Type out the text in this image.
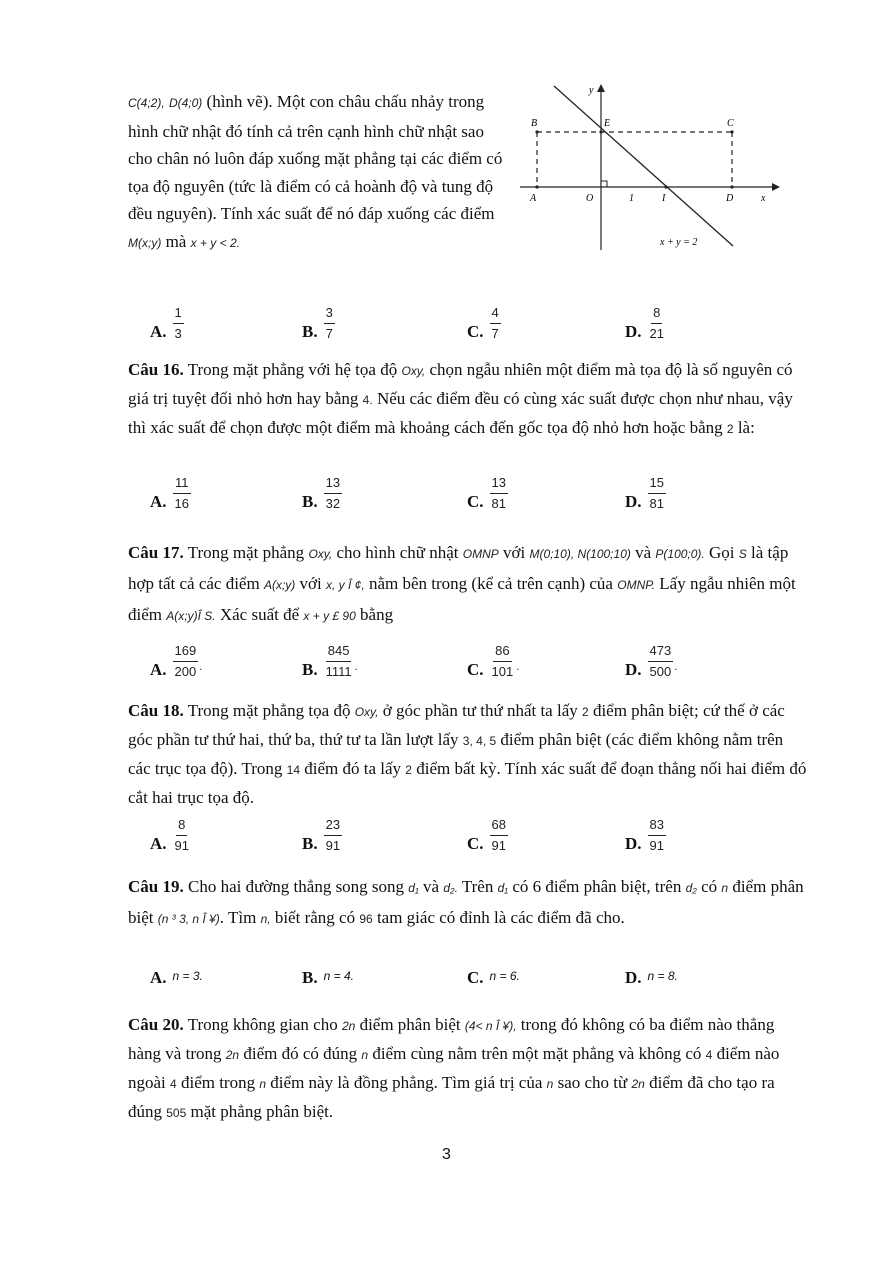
C(4;2), D(4;0) (hình vẽ). Một con châu chấu nhảy trong hình chữ nhật đó tính cả trên cạnh hình chữ nhật sao cho chân nó luôn đáp xuống mặt phẳng tại các điểm có tọa độ nguyên (tức là điểm có cả hoành độ và tung độ đều nguyên). Tính xác suất để nó đáp xuống các điểm
M(x;y) mà x + y < 2.

y
x
B	E	C
A	O	1	I	D
x + y = 2
A. $\frac{1}{3}$	B. $\frac{3}{7}$	C. $\frac{4}{7}$	D. $\frac{8}{21}$

Câu 16. Trong mặt phẳng với hệ tọa độ Oxy, chọn ngẫu nhiên một điểm mà tọa độ là số nguyên có giá trị tuyệt đối nhỏ hơn hay bằng 4. Nếu các điểm đều có cùng xác suất được chọn như nhau, vậy thì xác suất để chọn được một điểm mà khoảng cách đến gốc tọa độ nhỏ hơn hoặc bằng 2 là:

A. $\frac{11}{16}$	B. $\frac{13}{32}$	C. $\frac{13}{81}$	D. $\frac{15}{81}$

Câu 17. Trong mặt phẳng Oxy, cho hình chữ nhật OMNP với M(0;10), N(100;10) và P(100;0). Gọi S là tập hợp tất cả các điểm A(x;y) với x, y Î ¢, nằm bên trong (kể cả trên cạnh) của OMNP. Lấy ngẫu nhiên một điểm A(x;y)Î S. Xác suất để x + y £ 90 bằng

A. $\frac{169}{200}$ .	B. $\frac{845}{1111}$ .	C. $\frac{86}{101}$ .	D. $\frac{473}{500}$ .

Câu 18. Trong mặt phẳng tọa độ Oxy, ở góc phần tư thứ nhất ta lấy 2 điểm phân biệt; cứ thế ở các góc phần tư thứ hai, thứ ba, thứ tư ta lần lượt lấy 3, 4, 5 điểm phân biệt (các điểm không nằm trên các trục tọa độ). Trong 14 điểm đó ta lấy 2 điểm bất kỳ. Tính xác suất để đoạn thẳng nối hai điểm đó cắt hai trục tọa độ.

A. $\frac{8}{91}$	B. $\frac{23}{91}$	C. $\frac{68}{91}$	D. $\frac{83}{91}$

Câu 19. Cho hai đường thẳng song song d₁ và d₂. Trên d₁ có 6 điểm phân biệt, trên d₂ có n điểm phân biệt (n ³ 3, n Î ¥). Tìm n, biết rằng có 96 tam giác có đỉnh là các điểm đã cho.

A. n = 3.	B. n = 4.	C. n = 6.	D. n = 8.

Câu 20. Trong không gian cho 2n điểm phân biệt (4< n Î ¥), trong đó không có ba điểm nào thẳng hàng và trong 2n điểm đó có đúng n điểm cùng nằm trên một mặt phẳng và không có 4 điểm nào ngoài 4 điểm trong n điểm này là đồng phẳng. Tìm giá trị của n sao cho từ 2n điểm đã cho tạo ra đúng 505 mặt phẳng phân biệt.

3
